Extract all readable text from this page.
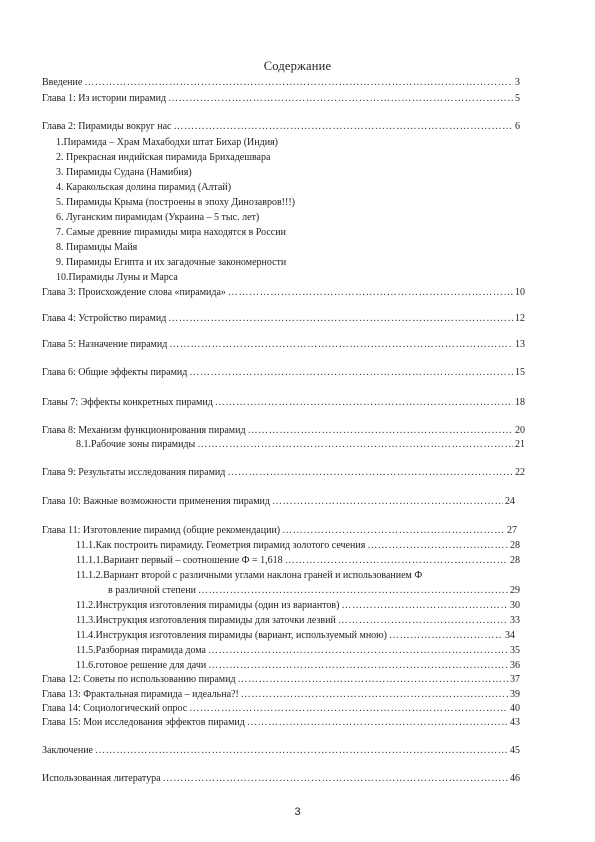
Содержание
Введение ………………………………………………………………………………………………………………………………………………………………………………………………………………………………………………	3
Глава 1: Из истории пирамид ………………………………………………………………………………………………………………………………………………………………………………………………………………………………………………	5
Глава 2: Пирамиды вокруг нас ………………………………………………………………………………………………………………………………………………………………………………………………………………………………………………	6
1.Пирамида – Храм Махабодхи штат Бихар (Индия)
2. Прекрасная индийская пирамида Брихадешвара
3. Пирамиды Судана (Намибия)
4. Каракольская долина пирамид (Алтай)
5. Пирамиды Крыма (построены в эпоху Динозавров!!!)
6. Луганским пирамидам (Украина – 5 тыс. лет)
7. Самые древние пирамиды мира находятся в России
8. Пирамиды Майя
9. Пирамиды Египта и их загадочные закономерности
10.Пирамиды Луны и Марса
Глава 3: Происхождение слова «пирамида» ………………………………………………………………………………………………………………………………………………………………………………………………………………………………………………	10
Глава 4: Устройство пирамид ………………………………………………………………………………………………………………………………………………………………………………………………………………………………………………	12
Глава 5: Назначение пирамид ………………………………………………………………………………………………………………………………………………………………………………………………………………………………………………	13
Глава 6: Общие эффекты пирамид ………………………………………………………………………………………………………………………………………………………………………………………………………………………………………………	15
Главы 7: Эффекты конкретных пирамид ………………………………………………………………………………………………………………………………………………………………………………………………………………………………………………	18
Глава 8: Механизм функционирования пирамид ………………………………………………………………………………………………………………………………………………………………………………………………………………………………………………	20
8.1.Рабочие зоны пирамиды ………………………………………………………………………………………………………………………………………………………………………………………………………………………………………………	21
Глава 9: Результаты исследования пирамид ………………………………………………………………………………………………………………………………………………………………………………………………………………………………………………	22
Глава 10: Важные возможности применения пирамид ………………………………………………………………………………………………………………………………………………………………………………………………………………………………………………	24
Глава 11: Изготовление пирамид (общие рекомендации) ………………………………………………………………………………………………………………………………………………………………………………………………………………………………………………	27
11.1.Как построить пирамиду. Геометрия пирамид золотого сечения ………………………………………………………………………………………………………………………………………………………………………………………………………………………………………………	28
11.1.1.Вариант первый – соотношение Ф = 1,618 ………………………………………………………………………………………………………………………………………………………………………………………………………………………………………………	28
11.1.2.Вариант второй с различными углами наклона граней и использованием Ф
в различной степени ………………………………………………………………………………………………………………………………………………………………………………………………………………………………………………	29
11.2.Инструкция изготовления пирамиды (один из вариантов) ………………………………………………………………………………………………………………………………………………………………………………………………………………………………………………	30
11.3.Инструкция изготовления пирамиды для заточки лезвий ………………………………………………………………………………………………………………………………………………………………………………………………………………………………………………	33
11.4.Инструкция изготовления пирамиды (вариант, используемый мною) ………………………………………………………………………………………………………………………………………………………………………………………………………………………………………………	34
11.5.Разборная пирамида дома ………………………………………………………………………………………………………………………………………………………………………………………………………………………………………………	35
11.6.готовое решение для дачи ………………………………………………………………………………………………………………………………………………………………………………………………………………………………………………	36
Глава 12: Советы по использованию пирамид ………………………………………………………………………………………………………………………………………………………………………………………………………………………………………………	37
Глава 13: Фрактальная пирамида – идеальна?! ………………………………………………………………………………………………………………………………………………………………………………………………………………………………………………	39
Глава 14: Социологический опрос ………………………………………………………………………………………………………………………………………………………………………………………………………………………………………………	40
Глава 15: Мои исследования эффектов пирамид ………………………………………………………………………………………………………………………………………………………………………………………………………………………………………………	43
Заключение ………………………………………………………………………………………………………………………………………………………………………………………………………………………………………………	45
Использованная литература ………………………………………………………………………………………………………………………………………………………………………………………………………………………………………………	46
3
